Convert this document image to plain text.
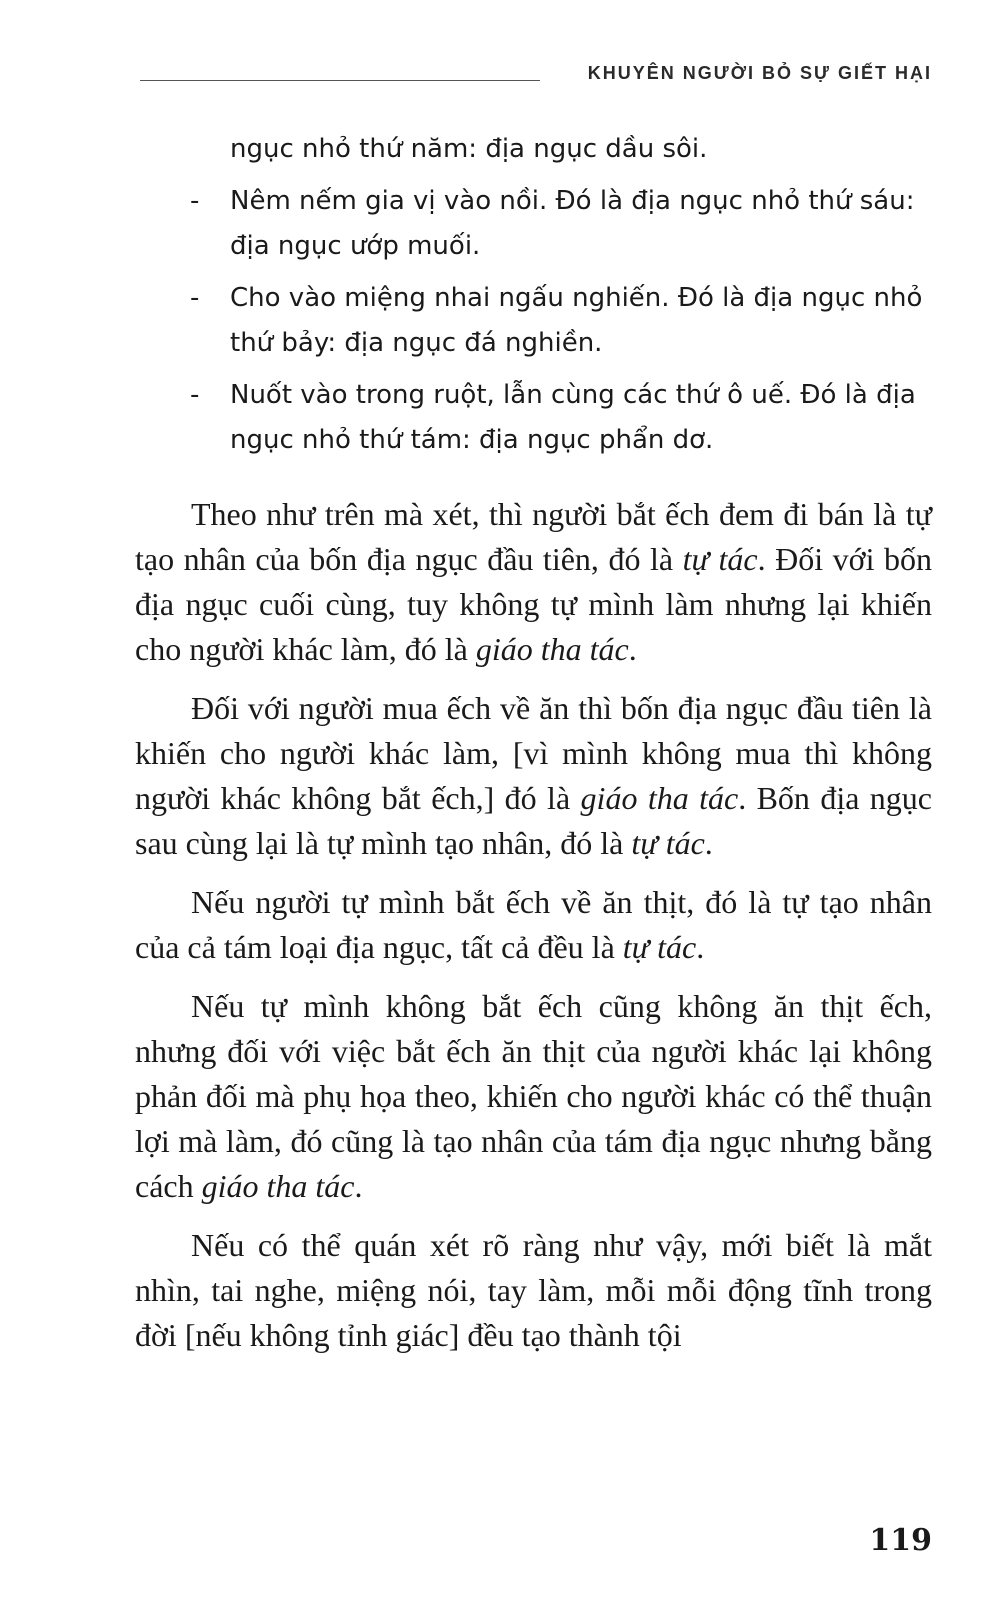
KHUYÊN NGƯỜI BỎ SỰ GIẾT HẠI
ngục nhỏ thứ năm: địa ngục dầu sôi.
- Nêm nếm gia vị vào nồi. Đó là địa ngục nhỏ thứ sáu: địa ngục ướp muối.
- Cho vào miệng nhai ngấu nghiến. Đó là địa ngục nhỏ thứ bảy: địa ngục đá nghiền.
- Nuốt vào trong ruột, lẫn cùng các thứ ô uế. Đó là địa ngục nhỏ thứ tám: địa ngục phẩn dơ.

Theo như trên mà xét, thì người bắt ếch đem đi bán là tự tạo nhân của bốn địa ngục đầu tiên, đó là tự tác. Đối với bốn địa ngục cuối cùng, tuy không tự mình làm nhưng lại khiến cho người khác làm, đó là giáo tha tác.

Đối với người mua ếch về ăn thì bốn địa ngục đầu tiên là khiến cho người khác làm, [vì mình không mua thì không người khác không bắt ếch,] đó là giáo tha tác. Bốn địa ngục sau cùng lại là tự mình tạo nhân, đó là tự tác.

Nếu người tự mình bắt ếch về ăn thịt, đó là tự tạo nhân của cả tám loại địa ngục, tất cả đều là tự tác.

Nếu tự mình không bắt ếch cũng không ăn thịt ếch, nhưng đối với việc bắt ếch ăn thịt của người khác lại không phản đối mà phụ họa theo, khiến cho người khác có thể thuận lợi mà làm, đó cũng là tạo nhân của tám địa ngục nhưng bằng cách giáo tha tác.

Nếu có thể quán xét rõ ràng như vậy, mới biết là mắt nhìn, tai nghe, miệng nói, tay làm, mỗi mỗi động tĩnh trong đời [nếu không tỉnh giác] đều tạo thành tội

119
